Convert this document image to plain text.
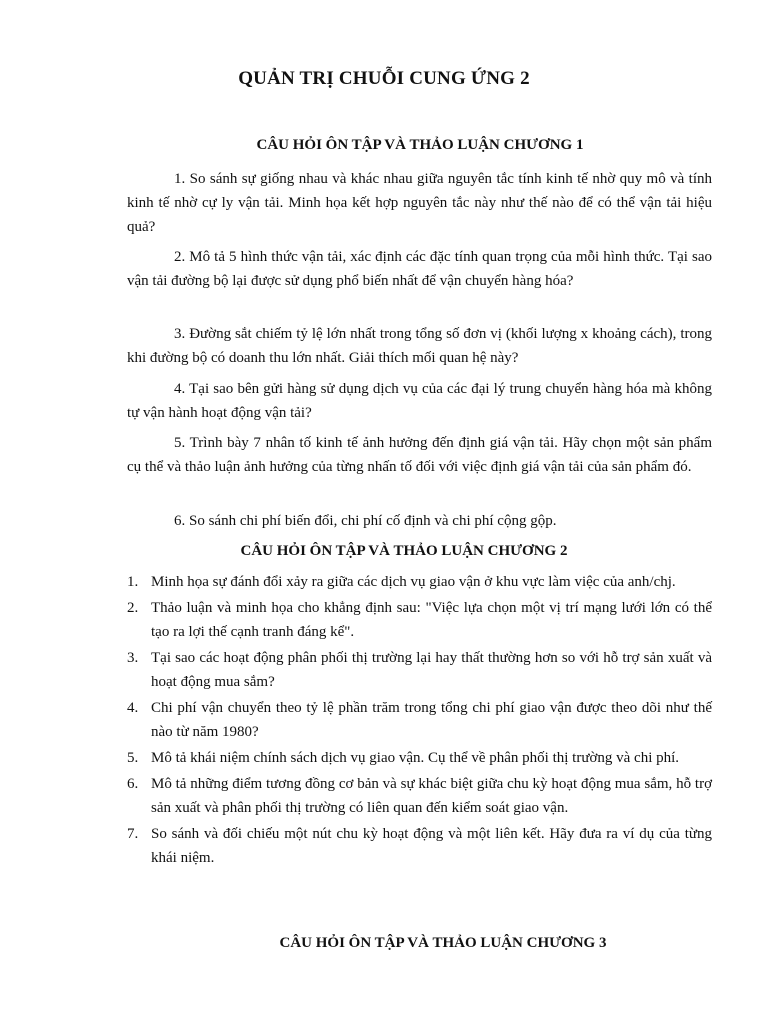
QUẢN TRỊ CHUỖI CUNG ỨNG 2
CÂU HỎI ÔN TẬP VÀ THẢO LUẬN CHƯƠNG 1

1. So sánh sự giống nhau và khác nhau giữa nguyên tắc tính kinh tế nhờ quy mô và tính kinh tế nhờ cự ly vận tải. Minh họa kết hợp nguyên tắc này như thế nào để có thể vận tải hiệu quả?

2. Mô tả 5 hình thức vận tải, xác định các đặc tính quan trọng của mỗi hình thức. Tại sao vận tải đường bộ lại được sử dụng phổ biến nhất để vận chuyển hàng hóa?

3. Đường sắt chiếm tỷ lệ lớn nhất trong tổng số đơn vị (khối lượng x khoảng cách), trong khi đường bộ có doanh thu lớn nhất. Giải thích mối quan hệ này?

4. Tại sao bên gửi hàng sử dụng dịch vụ của các đại lý trung chuyển hàng hóa mà không tự vận hành hoạt động vận tải?

5. Trình bày 7 nhân tố kinh tế ảnh hưởng đến định giá vận tải. Hãy chọn một sản phẩm cụ thể và thảo luận ảnh hưởng của từng nhấn tố đối với việc định giá vận tải của sản phẩm đó.

6. So sánh chi phí biến đổi, chi phí cố định và chi phí cộng gộp.

CÂU HỎI ÔN TẬP VÀ THẢO LUẬN CHƯƠNG 2
1. Minh họa sự đánh đổi xảy ra giữa các dịch vụ giao vận ở khu vực làm việc của anh/chj.
2. Thảo luận và minh họa cho khẳng định sau: "Việc lựa chọn một vị trí mạng lưới lớn có thể tạo ra lợi thế cạnh tranh đáng kể".
3. Tại sao các hoạt động phân phối thị trường lại hay thất thường hơn so với hỗ trợ sản xuất và hoạt động mua sắm?
4. Chi phí vận chuyển theo tỷ lệ phần trăm trong tổng chi phí giao vận được theo dõi như thế nào từ năm 1980?
5. Mô tả khái niệm chính sách dịch vụ giao vận. Cụ thể về phân phối thị trường và chi phí.
6. Mô tả những điểm tương đồng cơ bản và sự khác biệt giữa chu kỳ hoạt động mua sắm, hỗ trợ sản xuất và phân phối thị trường có liên quan đến kiểm soát giao vận.
7. So sánh và đối chiếu một nút chu kỳ hoạt động và một liên kết. Hãy đưa ra ví dụ của từng khái niệm.
CÂU HỎI ÔN TẬP VÀ THẢO LUẬN CHƯƠNG 3
